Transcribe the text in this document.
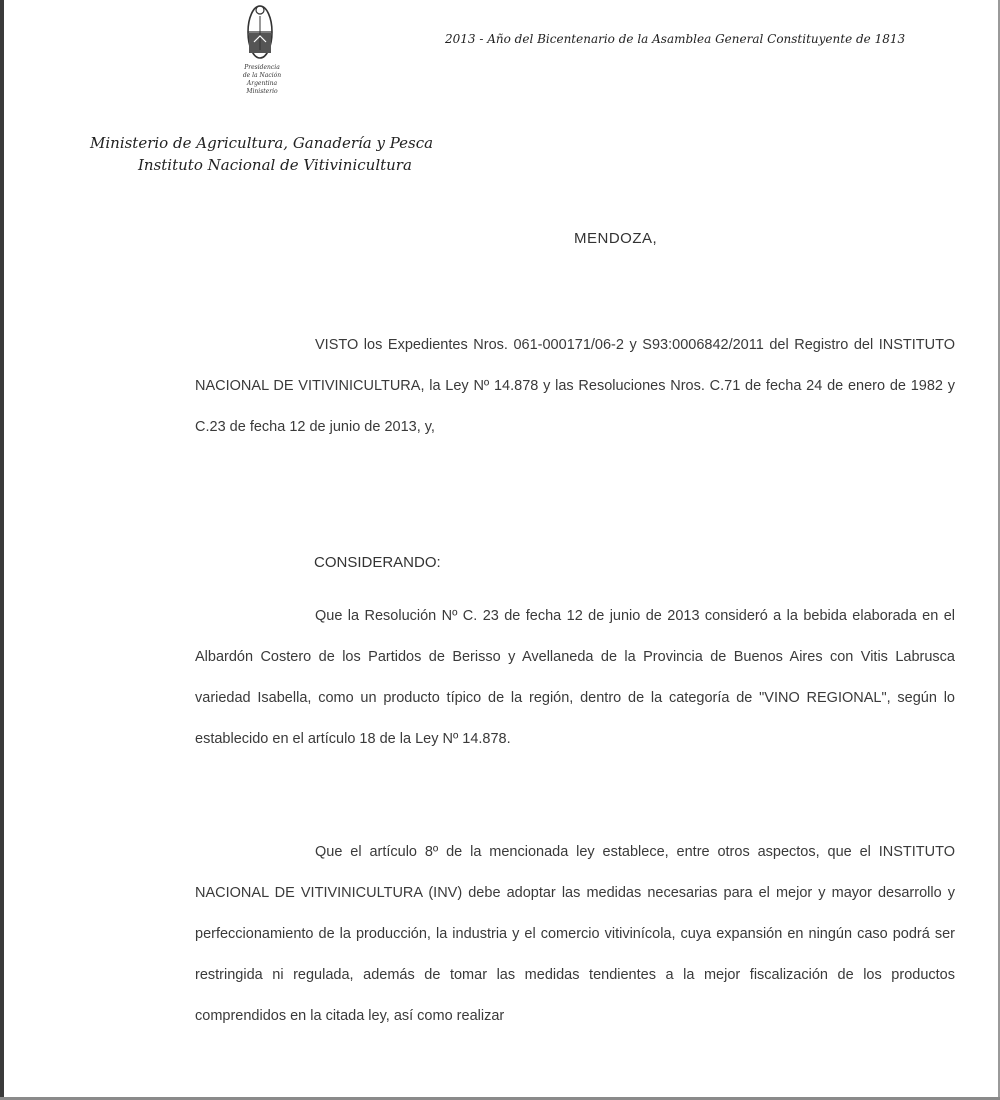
Presidencia
de la Nación
Argentina
Ministerio
Ministerio de Agricultura, Ganadería y Pesca
Instituto Nacional de Vitivinicultura
2013 - Año del Bicentenario de la Asamblea General Constituyente de 1813
MENDOZA,

VISTO los Expedientes Nros. 061-000171/06-2 y S93:0006842/2011 del Registro del INSTITUTO NACIONAL DE VITIVINICULTURA, la Ley Nº 14.878 y las Resoluciones Nros. C.71 de fecha 24 de enero de 1982 y C.23 de fecha 12 de junio de 2013, y,

CONSIDERANDO:

Que la Resolución Nº C. 23 de fecha 12 de junio de 2013 consideró a la bebida elaborada en el Albardón Costero de los Partidos de Berisso y Avellaneda de la Provincia de Buenos Aires con Vitis Labrusca variedad Isabella, como un producto típico de la región, dentro de la categoría de "VINO REGIONAL", según lo establecido en el artículo 18 de la Ley Nº 14.878.

Que el artículo 8º de la mencionada ley establece, entre otros aspectos, que el INSTITUTO NACIONAL DE VITIVINICULTURA (INV) debe adoptar las medidas necesarias para el mejor y mayor desarrollo y perfeccionamiento de la producción, la industria y el comercio vitivinícola, cuya expansión en ningún caso podrá ser restringida ni regulada, además de tomar las medidas tendientes a la mejor fiscalización de los productos comprendidos en la citada ley, así como realizar
